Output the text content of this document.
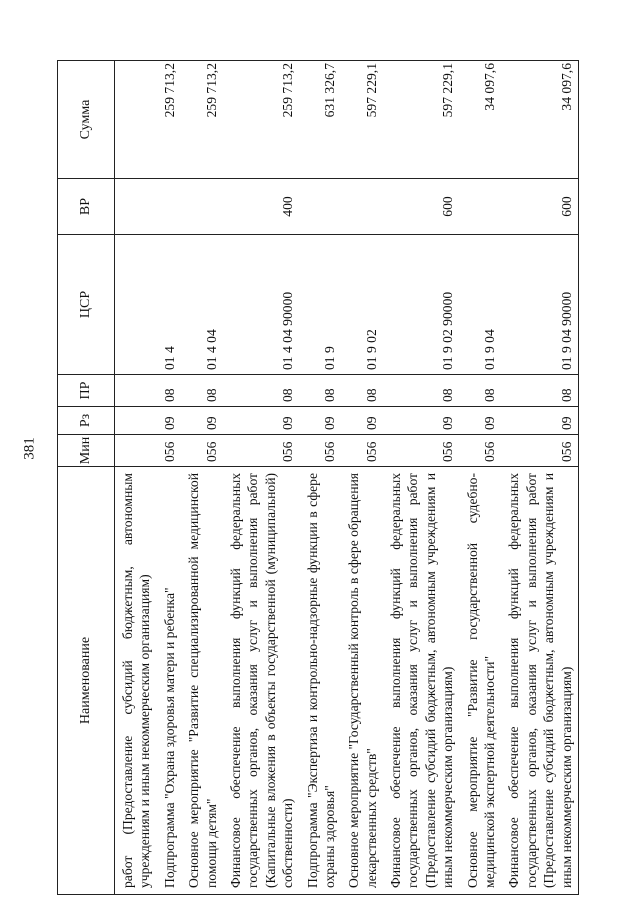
381
Наименование	Мин	Рз	ПР	ЦСР	ВР	Сумма
работ (Предоставление субсидий бюджетным, автономным учреждениям и иным некоммерческим организациям)						
Подпрограмма "Охрана здоровья матери и ребенка"	056	09	08	01 4		259 713,2
Основное мероприятие "Развитие специализированной медицинской помощи детям"	056	09	08	01 4 04		259 713,2
Финансовое обеспечение выполнения функций федеральных государственных органов, оказания услуг и выполнения работ (Капитальные вложения в объекты государственной (муниципальной) собственности)	056	09	08	01 4 04 90000	400	259 713,2
Подпрограмма "Экспертиза и контрольно-надзорные функции в сфере охраны здоровья"	056	09	08	01 9		631 326,7
Основное мероприятие "Государственный контроль в сфере обращения лекарственных средств"	056	09	08	01 9 02		597 229,1
Финансовое обеспечение выполнения функций федеральных государственных органов, оказания услуг и выполнения работ (Предоставление субсидий бюджетным, автономным учреждениям и иным некоммерческим организациям)	056	09	08	01 9 02 90000	600	597 229,1
Основное мероприятие "Развитие государственной судебно-медицинской экспертной деятельности"	056	09	08	01 9 04		34 097,6
Финансовое обеспечение выполнения функций федеральных государственных органов, оказания услуг и выполнения работ (Предоставление субсидий бюджетным, автономным учреждениям и иным некоммерческим организациям)	056	09	08	01 9 04 90000	600	34 097,6
